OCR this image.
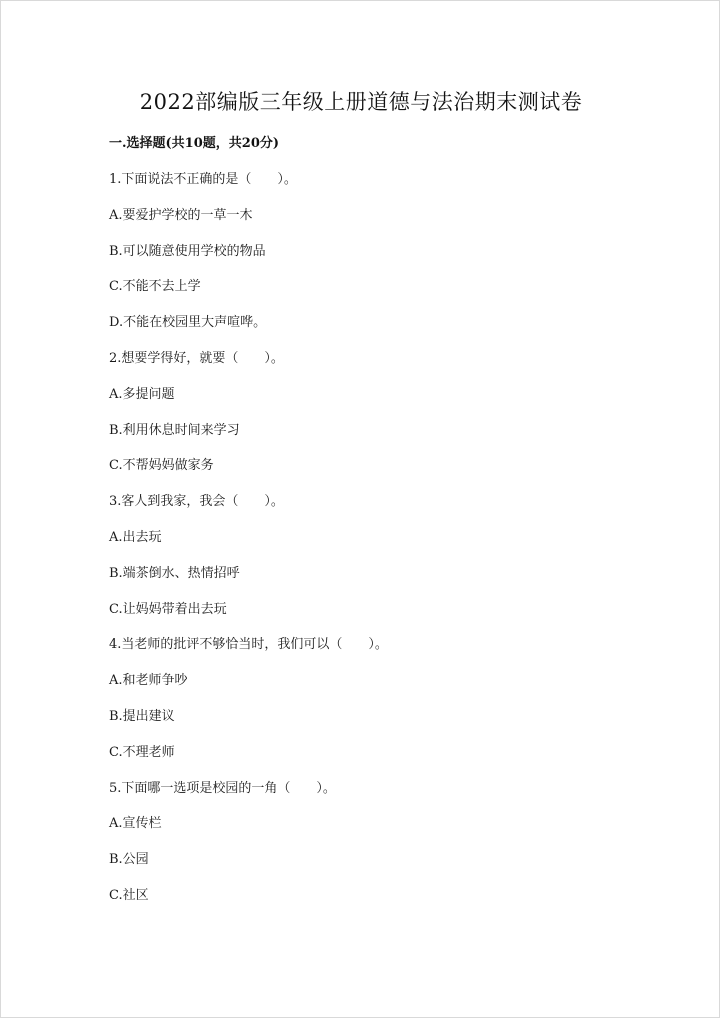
2022部编版三年级上册道德与法治期末测试卷
一.选择题(共10题，共20分)
1.下面说法不正确的是（　　）。
A.要爱护学校的一草一木
B.可以随意使用学校的物品
C.不能不去上学
D.不能在校园里大声喧哗。
2.想要学得好，就要（　　）。
A.多提问题
B.利用休息时间来学习
C.不帮妈妈做家务
3.客人到我家，我会（　　）。
A.出去玩
B.端茶倒水、热情招呼
C.让妈妈带着出去玩
4.当老师的批评不够恰当时，我们可以（　　）。
A.和老师争吵
B.提出建议
C.不理老师
5.下面哪一选项是校园的一角（　　）。
A.宣传栏
B.公园
C.社区
